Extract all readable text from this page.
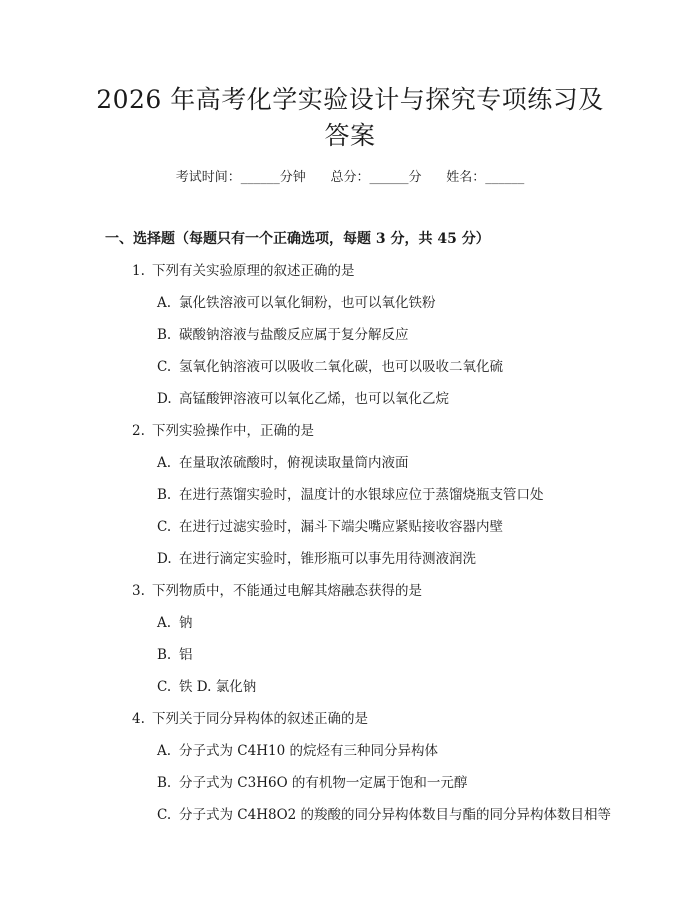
2026 年高考化学实验设计与探究专项练习及
答案
考试时间：______分钟      总分：______分      姓名：______
一、选择题（每题只有一个正确选项，每题 3 分，共 45 分）
1. 下列有关实验原理的叙述正确的是
A. 氯化铁溶液可以氧化铜粉，也可以氧化铁粉
B. 碳酸钠溶液与盐酸反应属于复分解反应
C. 氢氧化钠溶液可以吸收二氧化碳，也可以吸收二氧化硫
D. 高锰酸钾溶液可以氧化乙烯，也可以氧化乙烷
2. 下列实验操作中，正确的是
A. 在量取浓硫酸时，俯视读取量筒内液面
B. 在进行蒸馏实验时，温度计的水银球应位于蒸馏烧瓶支管口处
C. 在进行过滤实验时，漏斗下端尖嘴应紧贴接收容器内壁
D. 在进行滴定实验时，锥形瓶可以事先用待测液润洗
3. 下列物质中，不能通过电解其熔融态获得的是
A. 钠
B. 铝
C. 铁 D. 氯化钠
4. 下列关于同分异构体的叙述正确的是
A. 分子式为 C4H10 的烷烃有三种同分异构体
B. 分子式为 C3H6O 的有机物一定属于饱和一元醇
C. 分子式为 C4H8O2 的羧酸的同分异构体数目与酯的同分异构体数目相等
